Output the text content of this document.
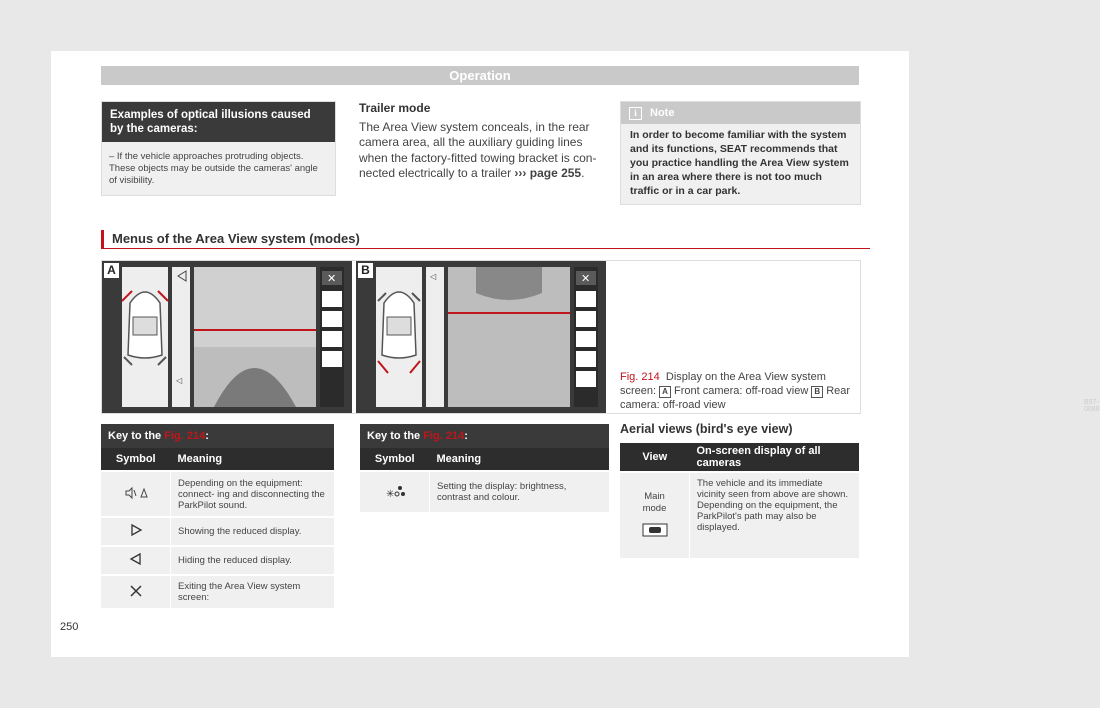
Operation
Examples of optical illusions caused by the cameras:
– If the vehicle approaches protruding objects. These objects may be outside the cameras' angle of visibility.
Trailer mode
The Area View system conceals, in the rear camera area, all the auxiliary guiding lines when the factory-fitted towing bracket is con- nected electrically to a trailer ››› page 255.
i Note
In order to become familiar with the system and its functions, SEAT recommends that you practice handling the Area View system in an area where there is not too much traffic or in a car park.
Menus of the Area View system (modes)
◁
✕
A	◁	✕
B
B57-0088
Fig. 214 Display on the Area View system screen: A Front camera: off-road view B Rear camera: off-road view
Key to the Fig. 214:	
Symbol	Meaning
	Depending on the equipment: connect- ing and disconnecting the ParkPilot sound.
	Showing the reduced display.
	Hiding the reduced display.
	Exiting the Area View system screen:
Key to the Fig. 214:	
Symbol	Meaning

✳	Setting the display: brightness, contrast and colour.
Aerial views (bird's eye view)
View	On-screen display of all cameras

Main mode	The vehicle and its immediate vicinity seen from above are shown. Depending on the equipment, the ParkPilot's path may also be displayed.
250
